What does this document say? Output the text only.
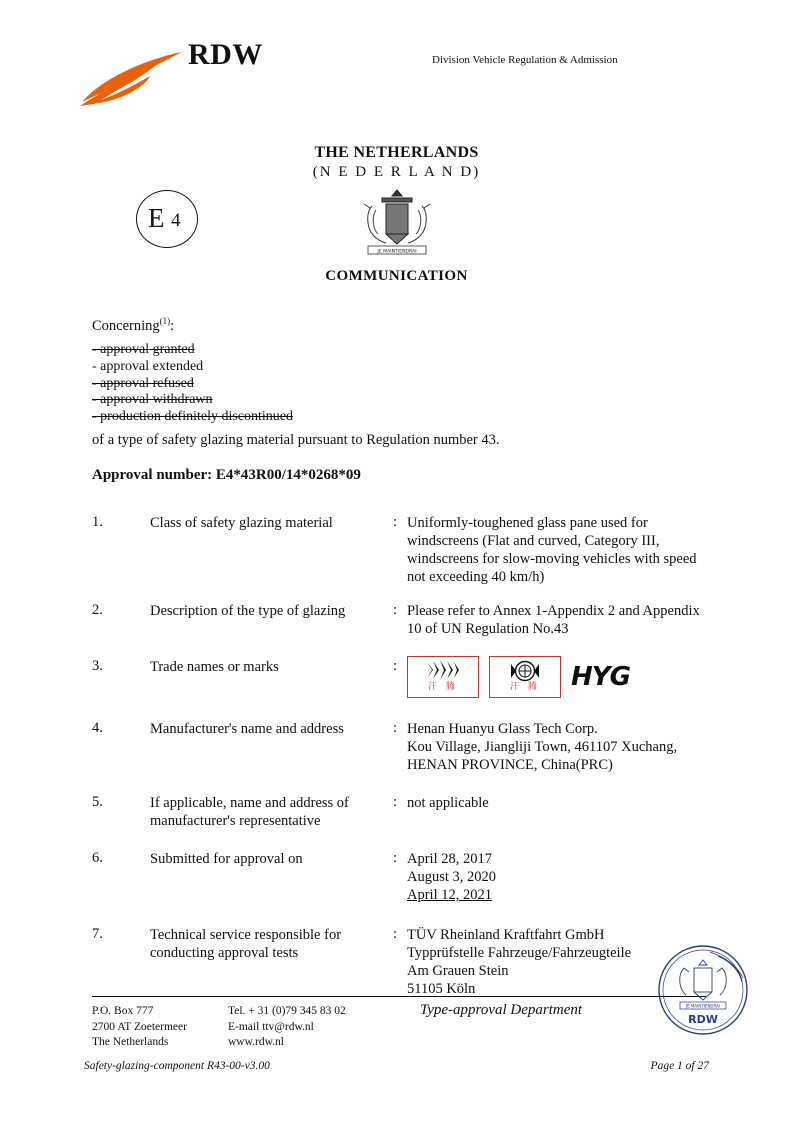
RDW	Division Vehicle Regulation & Admission
THE NETHERLANDS
(N E D E R L A N D)
E 4
JE MAINTIENDRAI
COMMUNICATION
Concerning$^{(1)}$:
- approval granted
- approval extended
- approval refused
- approval withdrawn
- production definitely discontinued
of a type of safety glazing material pursuant to Regulation number 43.
Approval number: E4*43R00/14*0268*09
1.	Class of safety glazing material	: Uniformly-toughened glass pane used for windscreens (Flat and curved, Category III, windscreens for slow-moving vehicles with speed not exceeding 40 km/h)
2.	Description of the type of glazing	: Please refer to Annex 1-Appendix 2 and Appendix 10 of UN Regulation No.43
3.	Trade names or marks	:
汗 腾	汗 腾	HYG
4.	Manufacturer's name and address	: Henan Huanyu Glass Tech Corp.
Kou Village, Jiangliji Town, 461107 Xuchang,
HENAN PROVINCE, China(PRC)
5.	If applicable, name and address of manufacturer's representative
: not applicable
6.	Submitted for approval on	: April 28, 2017
August 3, 2020
April 12, 2021
7.	Technical service responsible for conducting approval tests
: TÜV Rheinland Kraftfahrt GmbH
Typprüfstelle Fahrzeuge/Fahrzeugteile
Am Grauen Stein
51105 Köln
JE MAINTIENDRAI
RDW
P.O. Box 777
2700 AT Zoetermeer
The Netherlands
Tel. + 31 (0)79 345 83 02
E-mail ttv@rdw.nl
www.rdw.nl
Type-approval Department
Safety-glazing-component R43-00-v3.00	Page 1 of 27
